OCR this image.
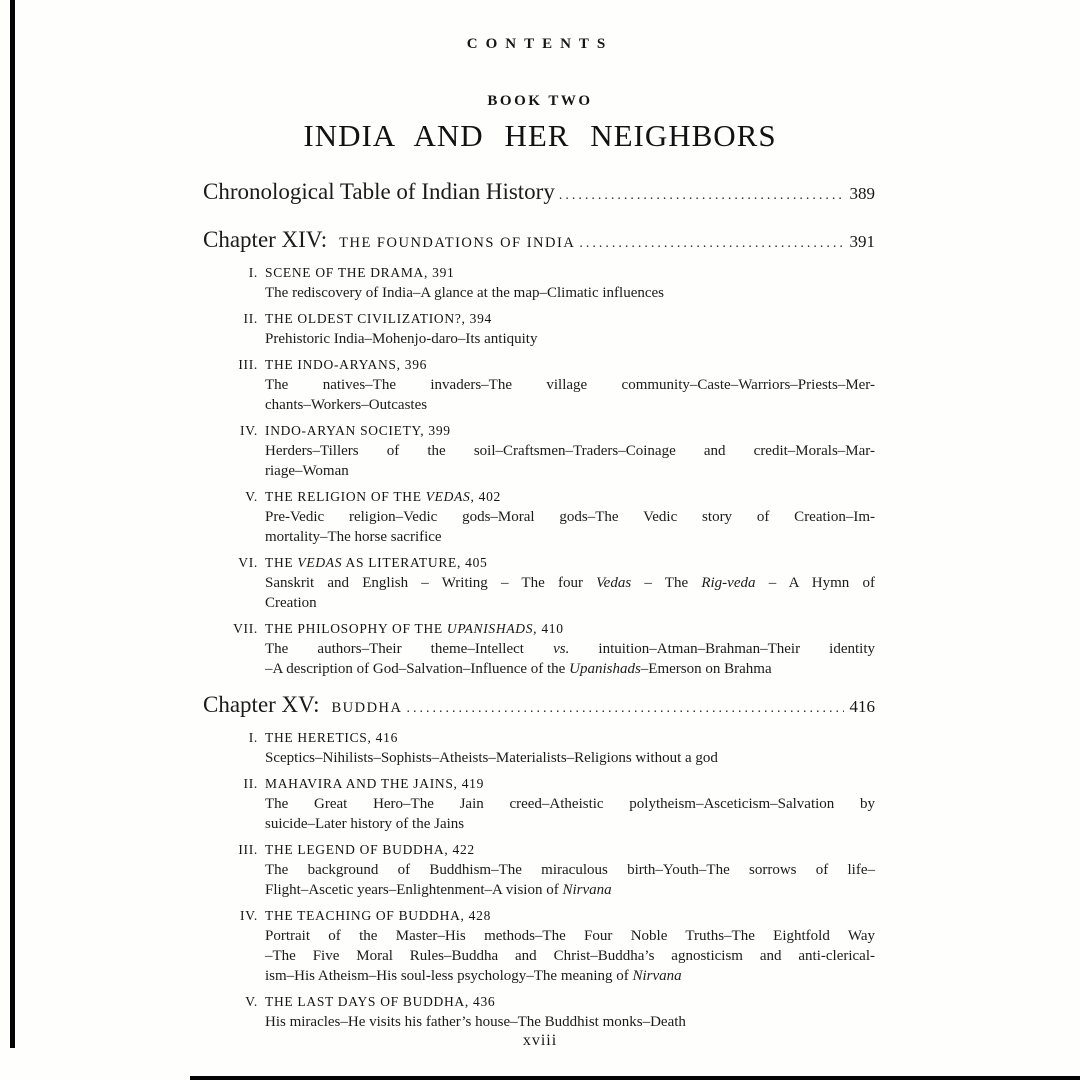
CONTENTS
BOOK TWO
INDIA AND HER NEIGHBORS
Chronological Table of Indian History .....	389
Chapter XIV: THE FOUNDATIONS OF INDIA .....	391
I. SCENE OF THE DRAMA, 391
The rediscovery of India–A glance at the map–Climatic influences
II. THE OLDEST CIVILIZATION?, 394
Prehistoric India–Mohenjo-daro–Its antiquity
III. THE INDO-ARYANS, 396
The natives–The invaders–The village community–Caste–Warriors–Priests–Mer-
chants–Workers–Outcastes
IV. INDO-ARYAN SOCIETY, 399
Herders–Tillers of the soil–Craftsmen–Traders–Coinage and credit–Morals–Mar-
riage–Woman
V. THE RELIGION OF THE VEDAS, 402
Pre-Vedic religion–Vedic gods–Moral gods–The Vedic story of Creation–Im-
mortality–The horse sacrifice
VI. THE VEDAS AS LITERATURE, 405
Sanskrit and English – Writing – The four Vedas – The Rig-veda – A Hymn of
Creation
VII. THE PHILOSOPHY OF THE UPANISHADS, 410
The authors–Their theme–Intellect vs. intuition–Atman–Brahman–Their identity
–A description of God–Salvation–Influence of the Upanishads–Emerson on Brahma
Chapter XV: BUDDHA .....	416
I. THE HERETICS, 416
Sceptics–Nihilists–Sophists–Atheists–Materialists–Religions without a god
II. MAHAVIRA AND THE JAINS, 419
The Great Hero–The Jain creed–Atheistic polytheism–Asceticism–Salvation by
suicide–Later history of the Jains
III. THE LEGEND OF BUDDHA, 422
The background of Buddhism–The miraculous birth–Youth–The sorrows of life–
Flight–Ascetic years–Enlightenment–A vision of Nirvana
IV. THE TEACHING OF BUDDHA, 428
Portrait of the Master–His methods–The Four Noble Truths–The Eightfold Way
–The Five Moral Rules–Buddha and Christ–Buddha’s agnosticism and anti-clerical-
ism–His Atheism–His soul-less psychology–The meaning of Nirvana
V. THE LAST DAYS OF BUDDHA, 436
His miracles–He visits his father’s house–The Buddhist monks–Death
xviii
